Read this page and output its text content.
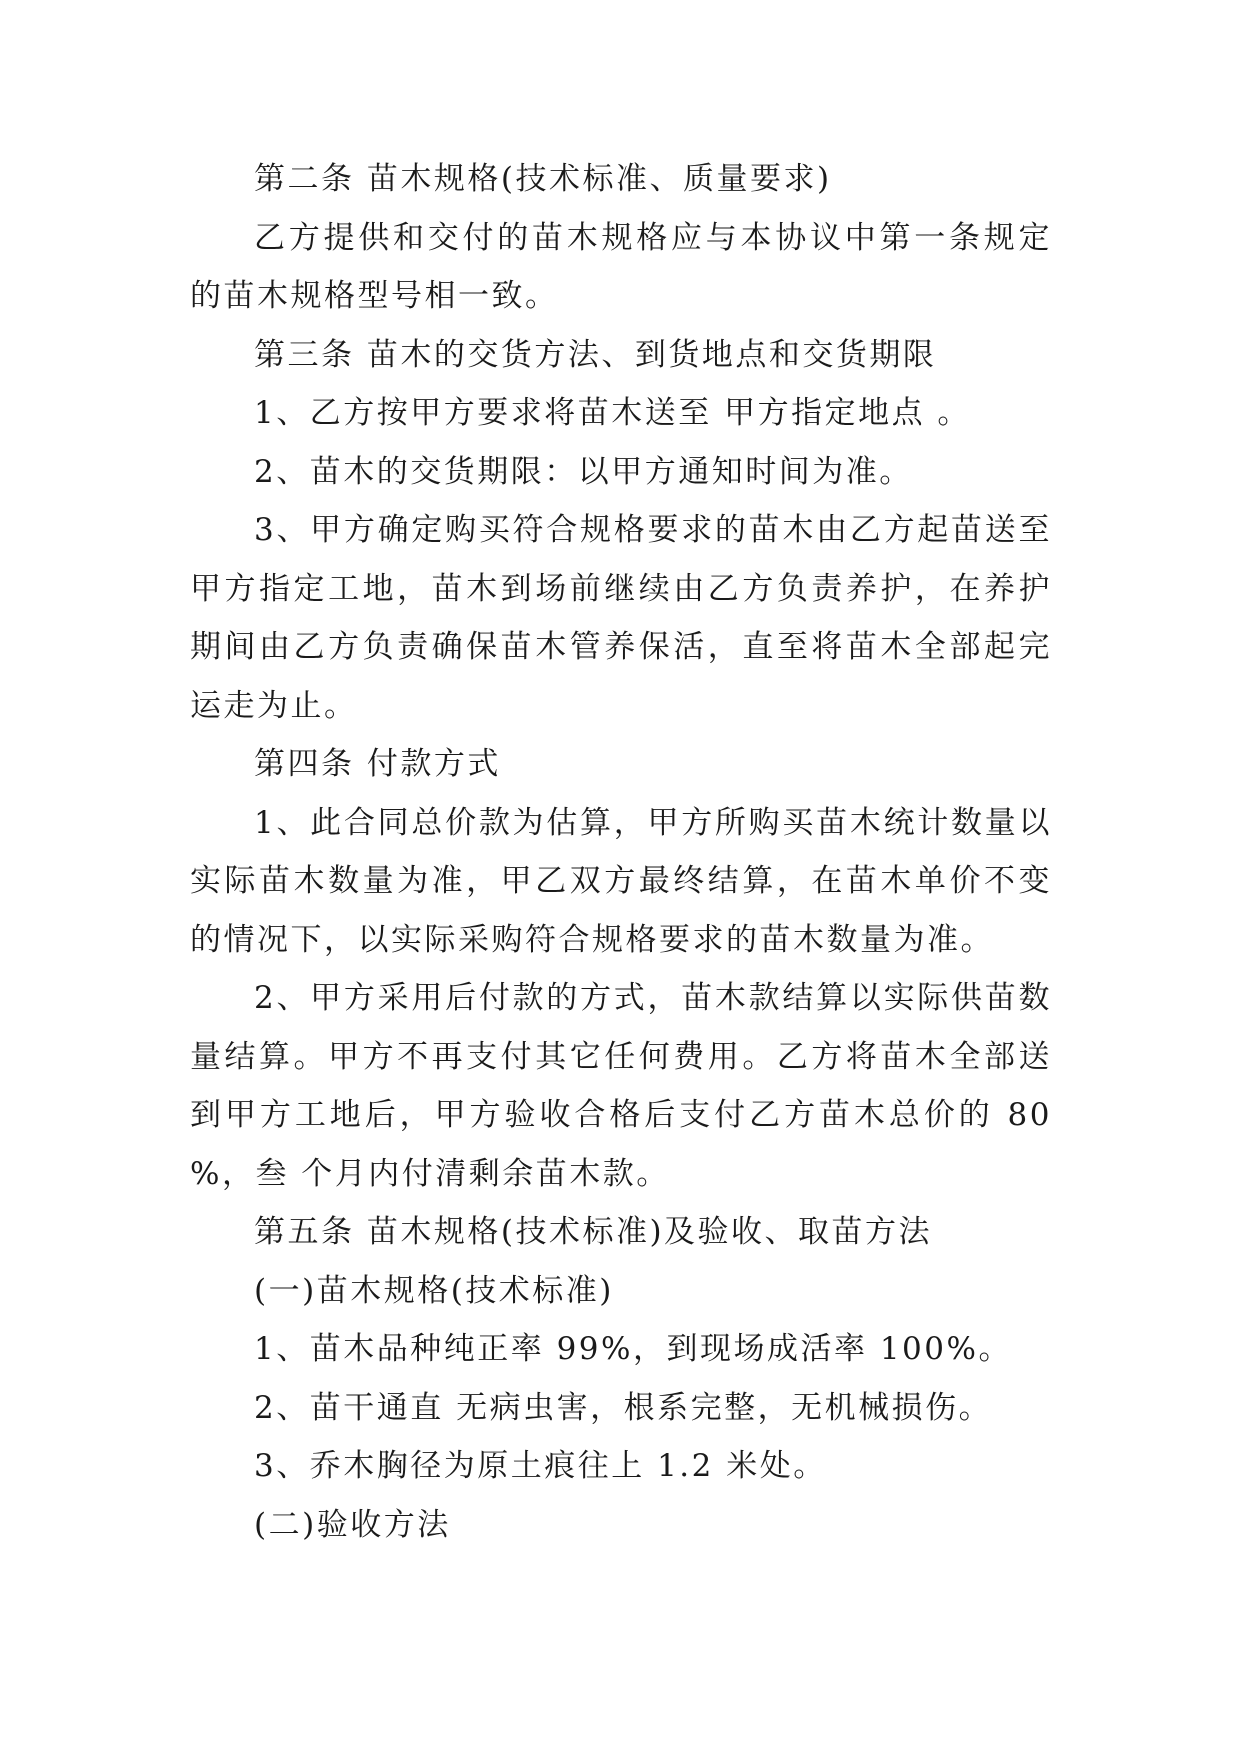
第二条 苗木规格(技术标准、质量要求)

乙方提供和交付的苗木规格应与本协议中第一条规定的苗木规格型号相一致。

第三条 苗木的交货方法、到货地点和交货期限

1、乙方按甲方要求将苗木送至 甲方指定地点 。

2、苗木的交货期限：以甲方通知时间为准。

3、甲方确定购买符合规格要求的苗木由乙方起苗送至甲方指定工地，苗木到场前继续由乙方负责养护，在养护期间由乙方负责确保苗木管养保活，直至将苗木全部起完运走为止。

第四条 付款方式

1、此合同总价款为估算，甲方所购买苗木统计数量以实际苗木数量为准，甲乙双方最终结算，在苗木单价不变的情况下，以实际采购符合规格要求的苗木数量为准。

2、甲方采用后付款的方式，苗木款结算以实际供苗数量结算。甲方不再支付其它任何费用。乙方将苗木全部送到甲方工地后，甲方验收合格后支付乙方苗木总价的 80 %，叁 个月内付清剩余苗木款。

第五条 苗木规格(技术标准)及验收、取苗方法

(一)苗木规格(技术标准)

1、苗木品种纯正率 99%，到现场成活率 100%。

2、苗干通直 无病虫害，根系完整，无机械损伤。

3、乔木胸径为原土痕往上 1.2 米处。

(二)验收方法
